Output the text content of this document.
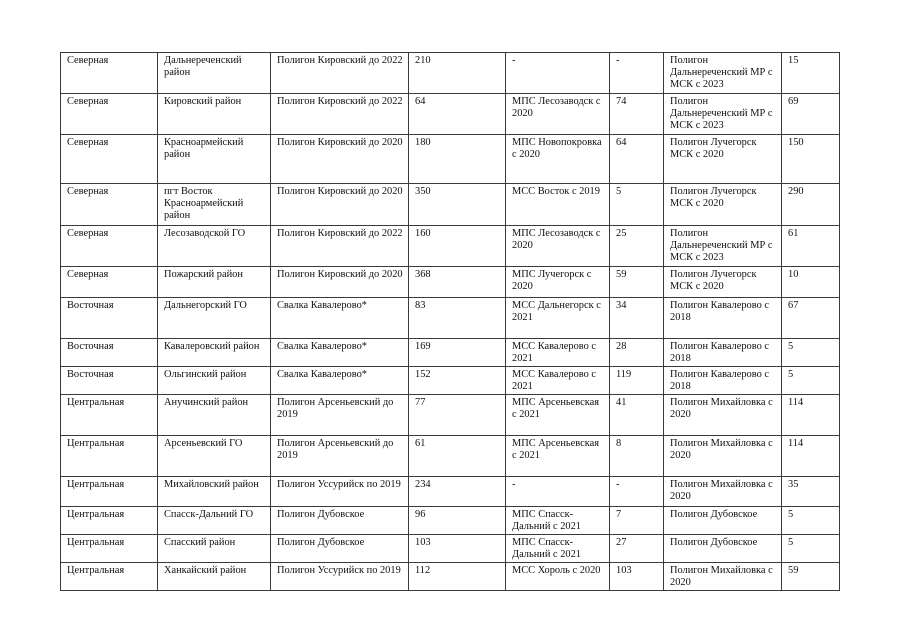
Северная	Дальнереченский район	Полигон Кировский до 2022	210	-	-	Полигон Дальнереченский МР с МСК с 2023	15
Северная	Кировский район	Полигон Кировский до 2022	64	МПС Лесозаводск с 2020	74	Полигон Дальнереченский МР с МСК с 2023	69
Северная	Красноармейский район	Полигон Кировский до 2020	180	МПС Новопокровка с 2020	64	Полигон Лучегорск МСК с 2020	150
Северная	пгт Восток Красноармейский район	Полигон Кировский до 2020	350	МСС Восток с 2019	5	Полигон Лучегорск МСК с 2020	290
Северная	Лесозаводской ГО	Полигон Кировский до 2022	160	МПС Лесозаводск с 2020	25	Полигон Дальнереченский МР с МСК с 2023	61
Северная	Пожарский район	Полигон Кировский до 2020	368	МПС Лучегорск с 2020	59	Полигон Лучегорск МСК с 2020	10
Восточная	Дальнегорский ГО	Свалка Кавалерово*	83	МСС Дальнегорск с 2021	34	Полигон Кавалерово с 2018	67
Восточная	Кавалеровский район	Свалка Кавалерово*	169	МСС Кавалерово с 2021	28	Полигон Кавалерово с 2018	5
Восточная	Ольгинский район	Свалка Кавалерово*	152	МСС Кавалерово с 2021	119	Полигон Кавалерово с 2018	5
Центральная	Анучинский район	Полигон Арсеньевский до 2019	77	МПС Арсеньевская с 2021	41	Полигон Михайловка с 2020	114
Центральная	Арсеньевский ГО	Полигон Арсеньевский до 2019	61	МПС Арсеньевская с 2021	8	Полигон Михайловка с 2020	114
Центральная	Михайловский район	Полигон Уссурийск по 2019	234	-	-	Полигон Михайловка с 2020	35
Центральная	Спасск-Дальний ГО	Полигон Дубовское	96	МПС Спасск-Дальний с 2021	7	Полигон Дубовское	5
Центральная	Спасский район	Полигон Дубовское	103	МПС Спасск-Дальний с 2021	27	Полигон Дубовское	5
Центральная	Ханкайский район	Полигон Уссурийск по 2019	112	МСС Хороль с 2020	103	Полигон Михайловка с 2020	59
